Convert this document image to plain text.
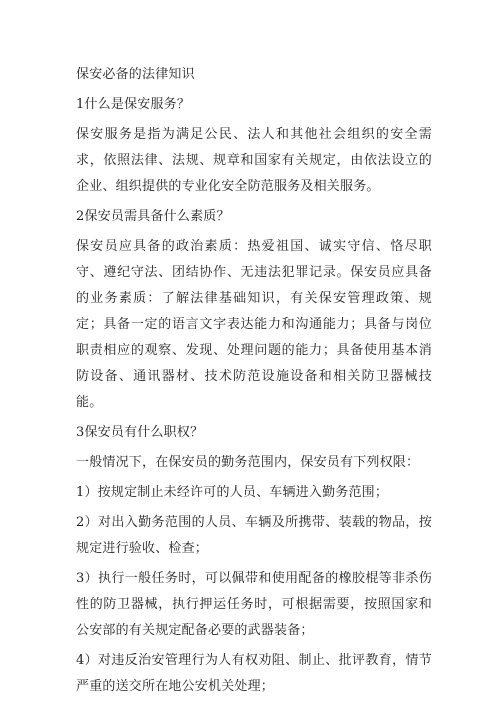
保安必备的法律知识

1什么是保安服务？

保安服务是指为满足公民、法人和其他社会组织的安全需求，依照法律、法规、规章和国家有关规定，由依法设立的企业、组织提供的专业化安全防范服务及相关服务。

2保安员需具备什么素质？

保安员应具备的政治素质：热爱祖国、诚实守信、恪尽职守、遵纪守法、团结协作、无违法犯罪记录。保安员应具备的业务素质：了解法律基础知识，有关保安管理政策、规定；具备一定的语言文字表达能力和沟通能力；具备与岗位职责相应的观察、发现、处理问题的能力；具备使用基本消防设备、通讯器材、技术防范设施设备和相关防卫器械技能。

3保安员有什么职权？

一般情况下，在保安员的勤务范围内，保安员有下列权限：

1）按规定制止未经许可的人员、车辆进入勤务范围；

2）对出入勤务范围的人员、车辆及所携带、装载的物品，按规定进行验收、检查；

3）执行一般任务时，可以佩带和使用配备的橡胶棍等非杀伤性的防卫器械，执行押运任务时，可根据需要，按照国家和公安部的有关规定配备必要的武器装备；

4）对违反治安管理行为人有权劝阻、制止、批评教育，情节严重的送交所在地公安机关处理；
